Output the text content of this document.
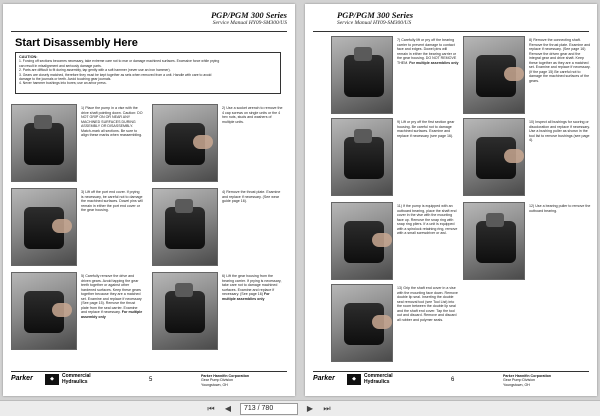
PGP/PGM 300 Series
Service Manual HY09-SM300/US
Start Disassembly Here
CAUTION:
1. Forcing off sections becomes necessary, take extreme care not to mar or damage machined surfaces. Excessive force while prying
can result in misalignment and seriously damage parts.
2. Parts are difficult to fit during assembly, tap gently with a soft hammer (never use an iron hammer).
3. Gears are closely matched, therefore they must be kept together as sets when removed from a unit. Handle with care to avoid
damage to the journals or teeth. Avoid touching gear journals.
4. Never hammer bushings into bores; use an arbor press.
1) Place the pump in a vise with the drive shaft pointing down. Caution: DO NOT GRIP ON OR NEAR ANY MACHINED SURFACES DURING ASSEMBLY OR DISASSEMBLY. Match-mark all sections. Be sure to align these marks when reassembling.
2) Use a socket wrench to remove the 4 cap screws on single units or the 4 hex nuts, studs and washers of multiple units.
3) Lift off the port end cover. If prying is necessary, be careful not to damage the machined surfaces. Dowel pins will remain in either the port end cover or the gear housing.
4) Remove the thrust plate. Examine and replace if necessary. (See wear guide page 16).
5) Carefully remove the drive and driven gears. Avoid tapping the gear teeth together or against other hardened surfaces. Keep these gears together because they are a matched set. Examine and replace if necessary (See page 15). Remove the thrust plate from the seal carrier. Examine and replace if necessary. For multiple assembly only
6) Lift the gear housing from the bearing carrier. If prying is necessary, take care not to damage machined surfaces. Examine and replace if necessary. (See page 16) For multiple assemblies only
Parker	◆	Commercial
Hydraulics	5
Parker Hannifin Corporation
Gear Pump Division
Youngstown, OH
PGP/PGM 300 Series
Service Manual HY09-SM300/US
7) Carefully lift or pry off the bearing carrier to prevent damage to contact face and edges. Dowel pins will remain in either the bearing carrier or the gear housing. DO NOT REMOVE THEM. For multiple assemblies only
8) Remove the connecting shaft. Remove the thrust plate. Examine and replace if necessary. (See page 16) Remove the driven gear and the integral gear and drive shaft. Keep these together as they are a matched set. Examine and replace if necessary. (If the page 15) Be careful not to damage the machined surfaces of the gears.
9) Lift or pry off the first section gear housing. Be careful not to damage machined surfaces. Examine and replace if necessary (see page 16).
10) Inspect all bushings for scoring or discoloration and replace if necessary. Use a bushing puller as shown in the tool list to remove bushings (see page 4).
11) If the pump is equipped with an outboard bearing, place the shaft end cover in the vise with the mounting face up. Remove the snap ring with snap ring pliers. If a unit is equipped with a spirolock retaining ring, remove with a small screwdriver or awl.
12) Use a bearing puller to remove the outboard bearing.
13) Grip the shaft end cover in a vise with the mounting face down. Remove double lip seal. Inserting the double seal removal tool (see Tool List) into the room between the double lip seal and the shaft end cover. Tap the tool out and discard. Remove and discard all rubber and polymer seals.
Parker	◆	Commercial
Hydraulics	6
Parker Hannifin Corporation
Gear Pump Division
Youngstown, OH
⏮	◀	713 / 780	▶	⏭
